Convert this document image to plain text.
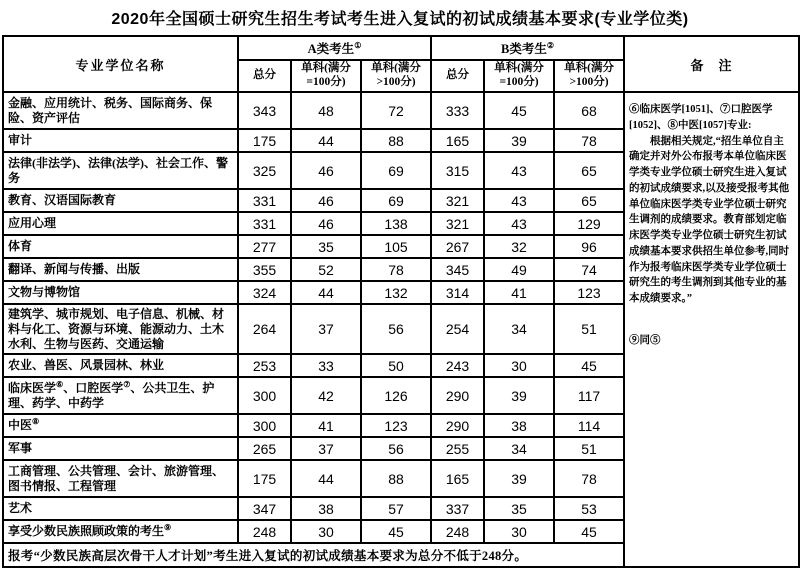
2020年全国硕士研究生招生考试考生进入复试的初试成绩基本要求(专业学位类)
专业学位名称	A类考生①			B类考生②			备　注
	总分	单科(满分=100分)	单科(满分>100分)	总分	单科(满分=100分)	单科(满分>100分)	
金融、应用统计、税务、国际商务、保险、资产评估	343	48	72	333	45	68	⑥临床医学[1051]、⑦口腔医学[1052]、⑧中医[1057]专业:
根据相关规定,“招生单位自主确定并对外公布报考本单位临床医学类专业学位硕士研究生进入复试的初试成绩要求,以及接受报考其他单位临床医学类专业学位硕士研究生调剂的成绩要求。教育部划定临床医学类专业学位硕士研究生初试成绩基本要求供招生单位参考,同时作为报考临床医学类专业学位硕士研究生的考生调剂到其他专业的基本成绩要求。”
⑨同⑤

审计	175	44	88	165	39	78	
法律(非法学)、法律(法学)、社会工作、警务	325	46	69	315	43	65	
教育、汉语国际教育	331	46	69	321	43	65	
应用心理	331	46	138	321	43	129	
体育	277	35	105	267	32	96	
翻译、新闻与传播、出版	355	52	78	345	49	74	
文物与博物馆	324	44	132	314	41	123	
建筑学、城市规划、电子信息、机械、材料与化工、资源与环境、能源动力、土木水利、生物与医药、交通运输	264	37	56	254	34	51	
农业、兽医、风景园林、林业	253	33	50	243	30	45	
临床医学⑥、口腔医学⑦、公共卫生、护理、药学、中药学	300	42	126	290	39	117	
中医⑧	300	41	123	290	38	114	
军事	265	37	56	255	34	51	
工商管理、公共管理、会计、旅游管理、图书情报、工程管理	175	44	88	165	39	78	
艺术	347	38	57	337	35	53	
享受少数民族照顾政策的考生⑨	248	30	45	248	30	45	
报考“少数民族高层次骨干人才计划”考生进入复试的初试成绩基本要求为总分不低于248分。							
